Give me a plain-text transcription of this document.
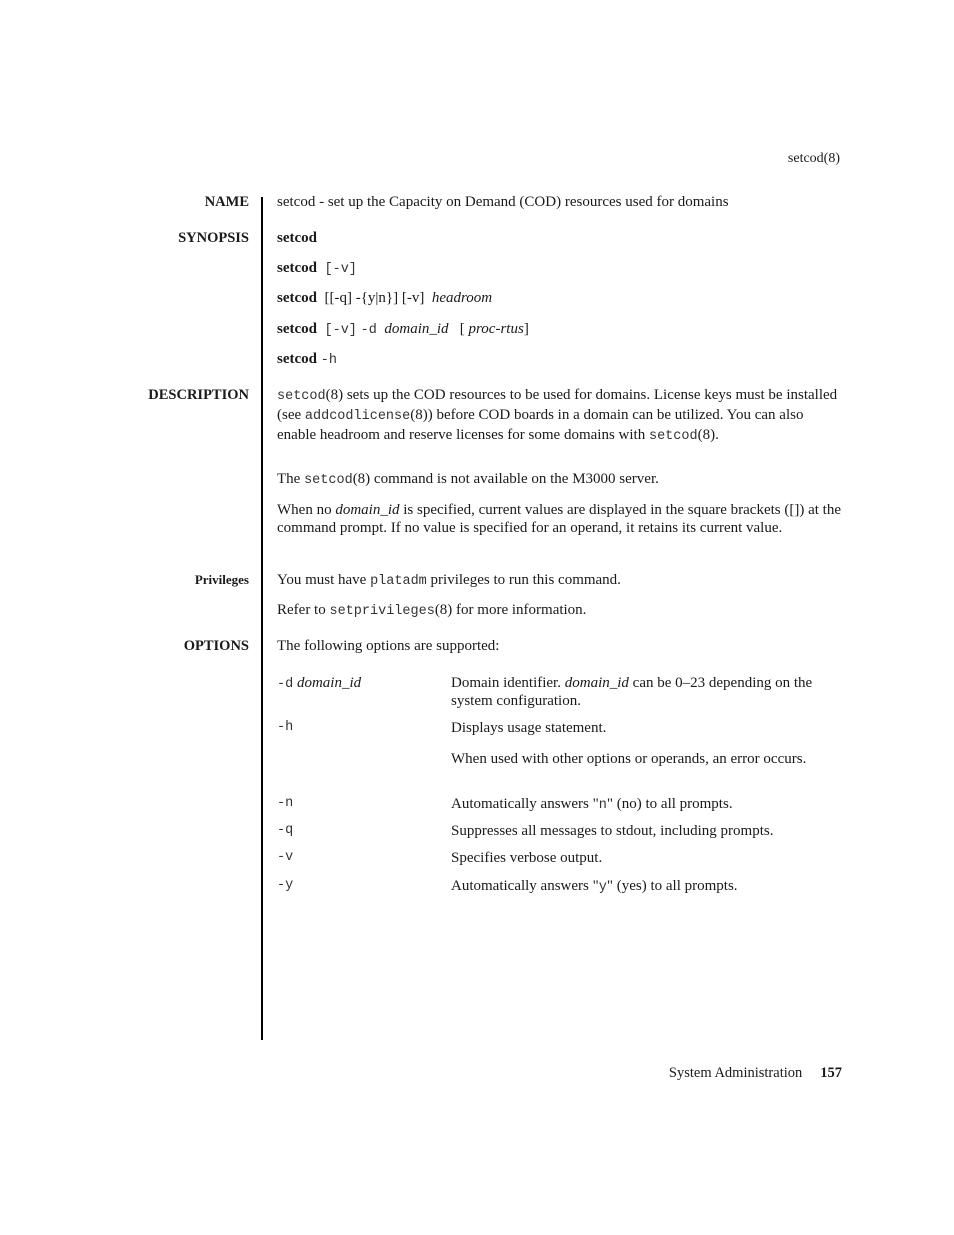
setcod(8)
NAME setcod - set up the Capacity on Demand (COD) resources used for domains
SYNOPSIS setcod
setcod [-v]
setcod [[-q] -{y|n}] [-v] headroom
setcod [-v] -d domain_id [ proc-rtus]
setcod -h
DESCRIPTION setcod(8) sets up the COD resources to be used for domains. License keys must be installed (see addcodlicense(8)) before COD boards in a domain can be utilized. You can also enable headroom and reserve licenses for some domains with setcod(8).
The setcod(8) command is not available on the M3000 server.
When no domain_id is specified, current values are displayed in the square brackets ([]) at the command prompt. If no value is specified for an operand, it retains its current value.
Privileges You must have platadm privileges to run this command.
Refer to setprivileges(8) for more information.
OPTIONS The following options are supported:
-d domain_id	Domain identifier. domain_id can be 0–23 depending on the system configuration.
-h	Displays usage statement.
When used with other options or operands, an error occurs.
-n	Automatically answers "n" (no) to all prompts.
-q	Suppresses all messages to stdout, including prompts.
-v	Specifies verbose output.
-y	Automatically answers "y" (yes) to all prompts.
System Administration 157
